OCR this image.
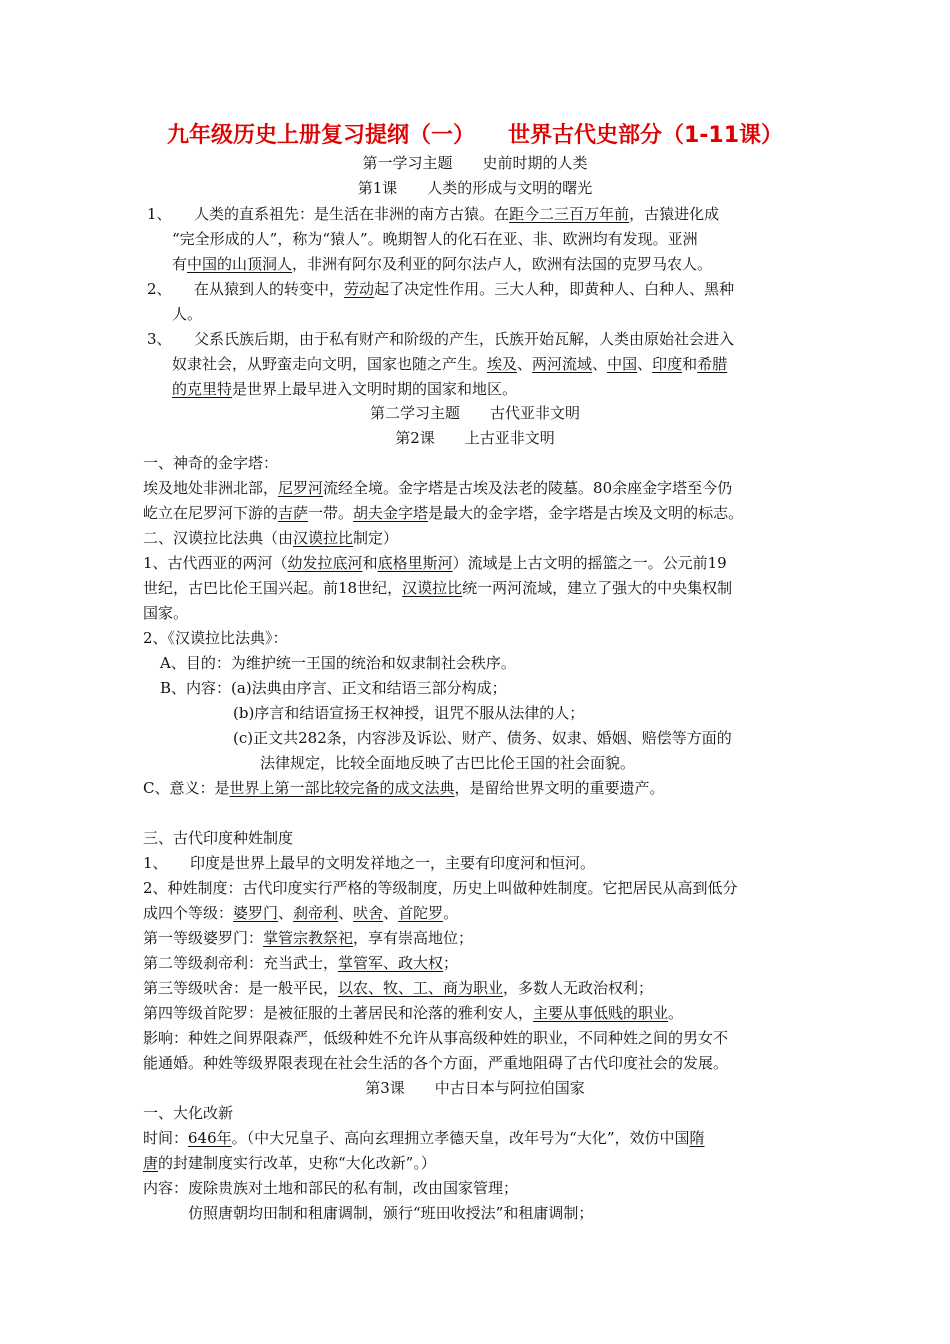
九年级历史上册复习提纲（一）　　世界古代史部分（1-11课）
第一学习主题　　史前时期的人类
第1课　　人类的形成与文明的曙光
1、　　人类的直系祖先：是生活在非洲的南方古猿。在距今二三百万年前，古猿进化成
“完全形成的人”，称为“猿人”。晚期智人的化石在亚、非、欧洲均有发现。亚洲
有中国的山顶洞人，非洲有阿尔及利亚的阿尔法卢人，欧洲有法国的克罗马农人。
2、　　在从猿到人的转变中，劳动起了决定性作用。三大人种，即黄种人、白种人、黑种
人。
3、　　父系氏族后期，由于私有财产和阶级的产生，氏族开始瓦解，人类由原始社会进入
奴隶社会，从野蛮走向文明，国家也随之产生。埃及、两河流域、中国、印度和希腊
的克里特是世界上最早进入文明时期的国家和地区。
第二学习主题　　古代亚非文明
第2课　　上古亚非文明
一、神奇的金字塔：
埃及地处非洲北部，尼罗河流经全境。金字塔是古埃及法老的陵墓。80余座金字塔至今仍
屹立在尼罗河下游的吉萨一带。胡夫金字塔是最大的金字塔，金字塔是古埃及文明的标志。
二、汉谟拉比法典（由汉谟拉比制定）
1、古代西亚的两河（幼发拉底河和底格里斯河）流域是上古文明的摇篮之一。公元前19
世纪，古巴比伦王国兴起。前18世纪，汉谟拉比统一两河流域，建立了强大的中央集权制
国家。
2、《汉谟拉比法典》：
A、目的：为维护统一王国的统治和奴隶制社会秩序。
B、内容：(a)法典由序言、正文和结语三部分构成；
(b)序言和结语宣扬王权神授，诅咒不服从法律的人；
(c)正文共282条，内容涉及诉讼、财产、债务、奴隶、婚姻、赔偿等方面的
法律规定，比较全面地反映了古巴比伦王国的社会面貌。
C、意义：是世界上第一部比较完备的成文法典，是留给世界文明的重要遗产。
三、古代印度种姓制度
1、　　印度是世界上最早的文明发祥地之一，主要有印度河和恒河。
2、种姓制度：古代印度实行严格的等级制度，历史上叫做种姓制度。它把居民从高到低分
成四个等级：婆罗门、刹帝利、吠舍、首陀罗。
第一等级婆罗门：掌管宗教祭祀，享有崇高地位；
第二等级刹帝利：充当武士，掌管军、政大权；
第三等级吠舍：是一般平民，以农、牧、工、商为职业，多数人无政治权利；
第四等级首陀罗：是被征服的土著居民和沦落的雅利安人，主要从事低贱的职业。
影响：种姓之间界限森严，低级种姓不允许从事高级种姓的职业，不同种姓之间的男女不
能通婚。种姓等级界限表现在社会生活的各个方面，严重地阻碍了古代印度社会的发展。
第3课　　中古日本与阿拉伯国家
一、大化改新
时间：646年。（中大兄皇子、高向玄理拥立孝德天皇，改年号为“大化”，效仿中国隋
唐的封建制度实行改革，史称“大化改新”。）
内容：废除贵族对土地和部民的私有制，改由国家管理；
仿照唐朝均田制和租庸调制，颁行“班田收授法”和租庸调制；
